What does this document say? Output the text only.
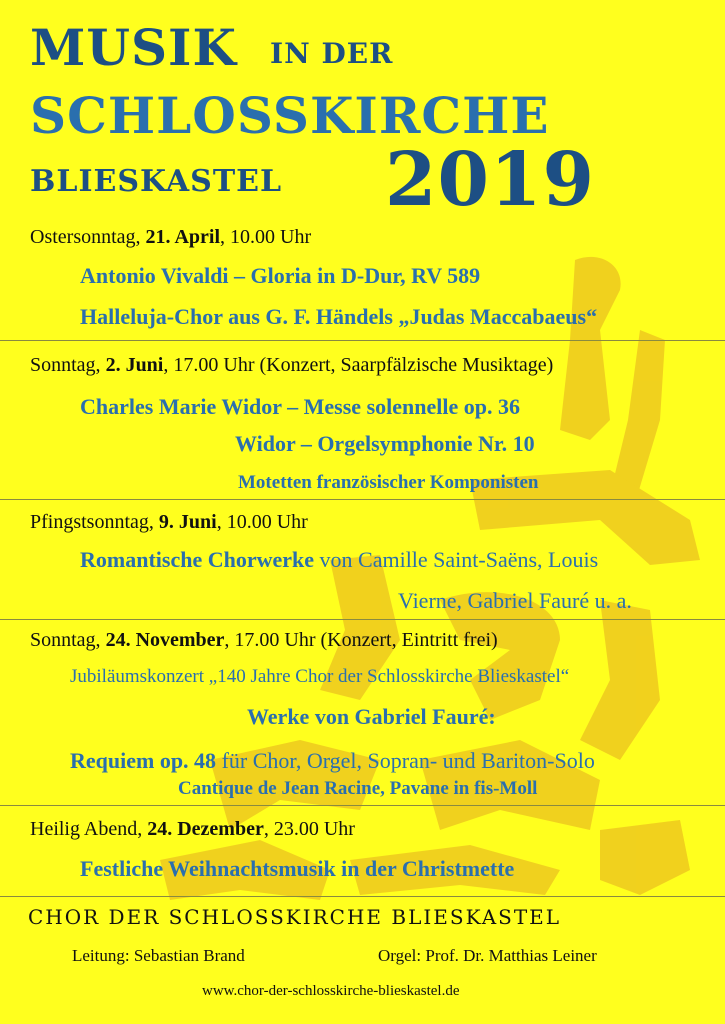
MUSIK IN DER
SCHLOSSKIRCHE
BLIESKASTEL 2019
Ostersonntag, 21. April, 10.00 Uhr
Antonio Vivaldi – Gloria in D-Dur, RV 589
Halleluja-Chor aus G. F. Händels „Judas Maccabaeus“
Sonntag, 2. Juni, 17.00 Uhr (Konzert, Saarpfälzische Musiktage)
Charles Marie Widor – Messe solennelle op. 36
Widor – Orgelsymphonie Nr. 10
Motetten französischer Komponisten
Pfingstsonntag, 9. Juni, 10.00 Uhr
Romantische Chorwerke von Camille Saint-Saëns, Louis
Vierne, Gabriel Fauré u. a.
Sonntag, 24. November, 17.00 Uhr (Konzert, Eintritt frei)
Jubiläumskonzert „140 Jahre Chor der Schlosskirche Blieskastel“
Werke von Gabriel Fauré:
Requiem op. 48 für Chor, Orgel, Sopran- und Bariton-Solo
Cantique de Jean Racine, Pavane in fis-Moll
Heilig Abend, 24. Dezember, 23.00 Uhr
Festliche Weihnachtsmusik in der Christmette
CHOR DER SCHLOSSKIRCHE BLIESKASTEL
Leitung: Sebastian Brand	Orgel: Prof. Dr. Matthias Leiner
www.chor-der-schlosskirche-blieskastel.de
